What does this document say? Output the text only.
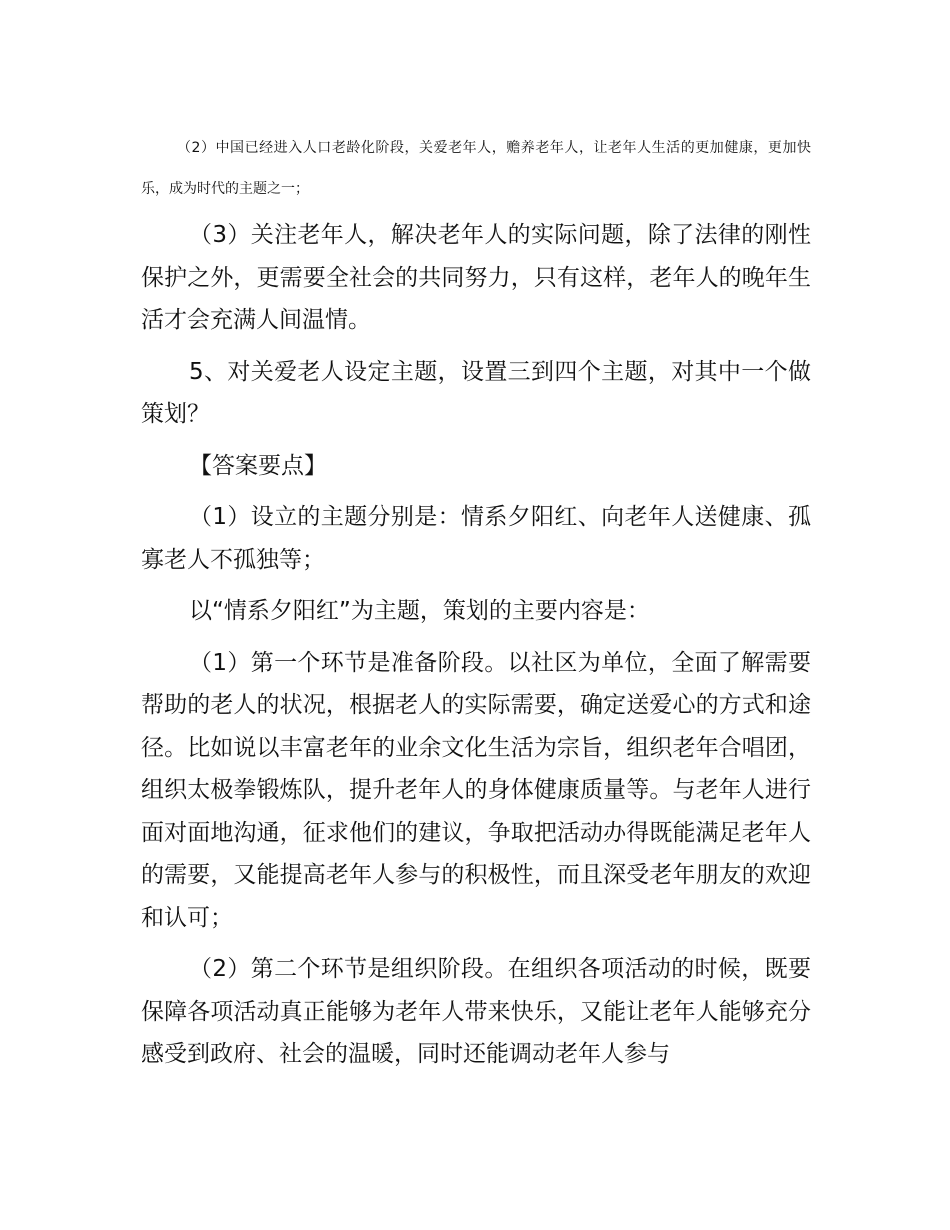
（2）中国已经进入人口老龄化阶段，关爱老年人，赡养老年人，让老年人生活的更加健康，更加快乐，成为时代的主题之一；

（3）关注老年人，解决老年人的实际问题，除了法律的刚性保护之外，更需要全社会的共同努力，只有这样，老年人的晚年生活才会充满人间温情。

5、对关爱老人设定主题，设置三到四个主题，对其中一个做策划？

【答案要点】

（1）设立的主题分别是：情系夕阳红、向老年人送健康、孤寡老人不孤独等；

以“情系夕阳红”为主题，策划的主要内容是：

（1）第一个环节是准备阶段。以社区为单位，全面了解需要帮助的老人的状况，根据老人的实际需要，确定送爱心的方式和途径。比如说以丰富老年的业余文化生活为宗旨，组织老年合唱团，组织太极拳锻炼队，提升老年人的身体健康质量等。与老年人进行面对面地沟通，征求他们的建议，争取把活动办得既能满足老年人的需要，又能提高老年人参与的积极性，而且深受老年朋友的欢迎和认可；

（2）第二个环节是组织阶段。在组织各项活动的时候，既要保障各项活动真正能够为老年人带来快乐，又能让老年人能够充分感受到政府、社会的温暖，同时还能调动老年人参与
